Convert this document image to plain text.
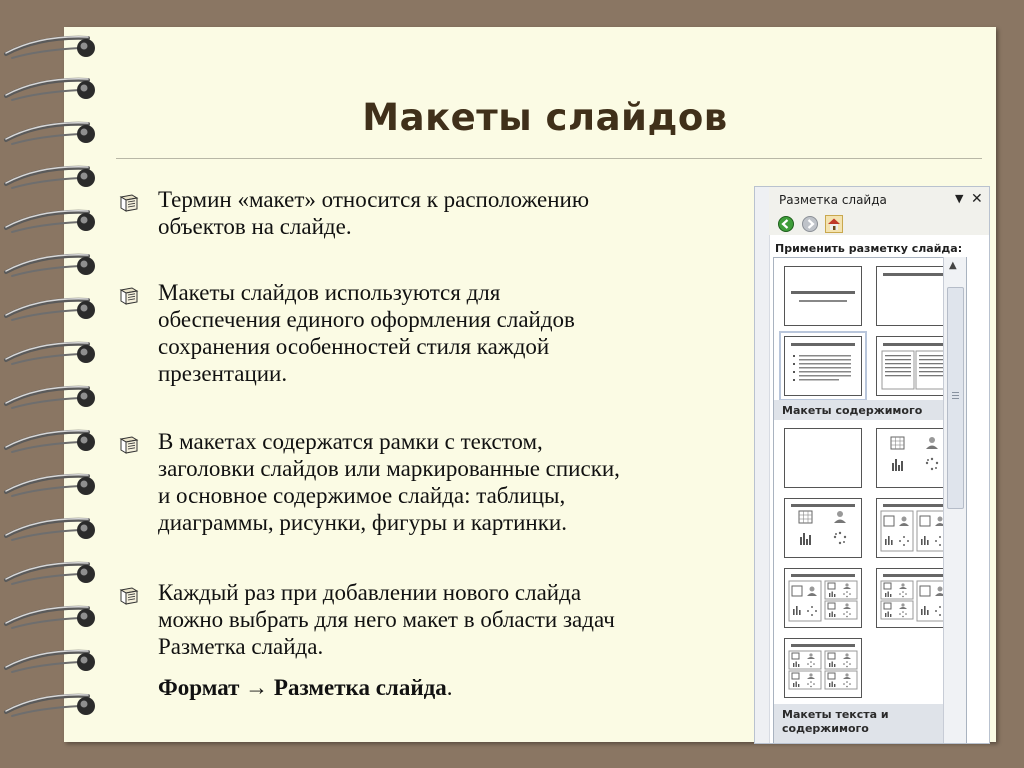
Макеты слайдов
Термин «макет» относится к расположению
объектов на слайде.
Макеты слайдов используются для
обеспечения единого оформления слайдов
сохранения особенностей стиля каждой
презентации.
В макетах содержатся рамки с текстом,
заголовки слайдов или маркированные списки,
и основное содержимое слайда: таблицы,
диаграммы, рисунки, фигуры и картинки.
Каждый раз при добавлении нового слайда
можно выбрать для него макет в области задач
Разметка слайда.
Формат → Разметка слайда.
Разметка слайда	▼ ✕
Применить разметку слайда:
Макеты содержимого
Макеты текста и
содержимого
▲
